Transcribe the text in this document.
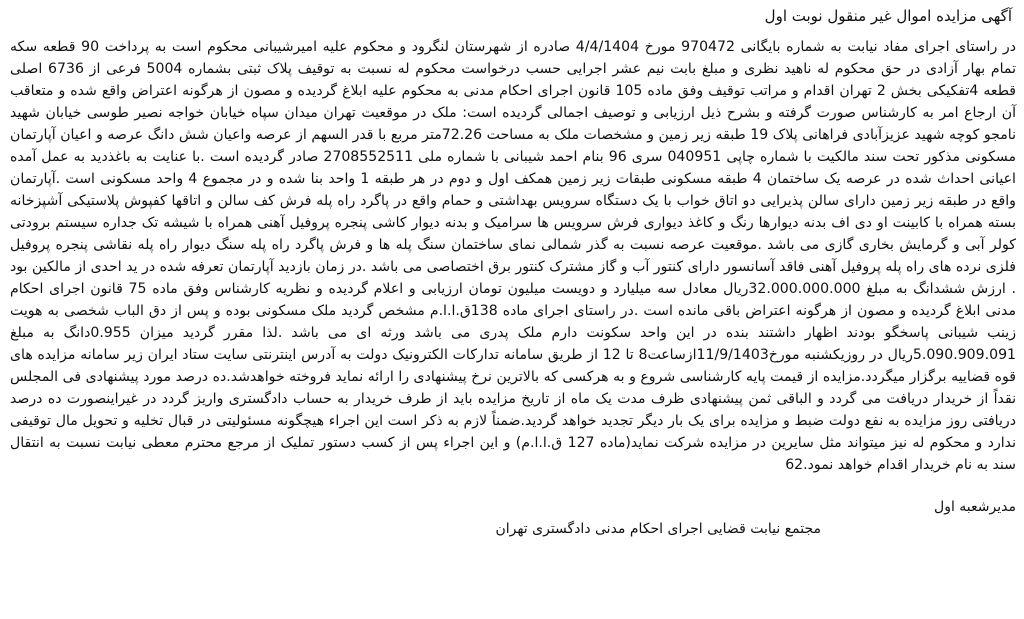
آگهی مزایده اموال غیر منقول نوبت اول

در راستای اجرای مفاد نیابت به شماره بایگانی 970472 مورخ 4/4/1404 صادره از شهرستان لنگرود و محکوم علیه امیرشیبانی محکوم است به پرداخت 90 قطعه سکه تمام بهار آزادی در حق محکوم له ناهید نظری و مبلغ بابت نیم عشر اجرایی حسب درخواست محکوم له نسبت به توقیف پلاک ثبتی بشماره 5004 فرعی از 6736 اصلی قطعه 4تفکیکی بخش 2 تهران اقدام و مراتب توقیف وفق ماده 105 قانون اجرای احکام مدنی به محکوم علیه ابلاغ گردیده و مصون از هرگونه اعتراض واقع شده و متعاقب آن ارجاع امر به کارشناس صورت گرفته و بشرح ذیل ارزیابی و توصیف اجمالی گردیده است: ملک در موقعیت تهران میدان سپاه خیابان خواجه نصیر طوسی خیابان شهید نامجو کوچه شهید عزیزآبادی فراهانی پلاک 19 طبقه زیر زمین و مشخصات ملک به مساحت 72.26متر مربع با قدر السهم از عرصه واعیان شش دانگ عرصه و اعیان آپارتمان مسکونی مذکور تحت سند مالکیت با شماره چاپی 040951 سری 96 بنام احمد شیبانی با شماره ملی 2708552511 صادر گردیده است .با عنایت به باغذدید به عمل آمده اعیانی احداث شده در عرصه یک ساختمان 4 طبقه مسکونی طبقات زیر زمین همکف اول و دوم در هر طبقه 1 واحد بنا شده و در مجموع 4 واحد مسکونی است .آپارتمان واقع در طبقه زیر زمین دارای سالن پذیرایی دو اتاق خواب با یک دستگاه سرویس بهداشتی و حمام واقع در پاگرد راه پله فرش کف سالن و اتاقها کفپوش پلاستیکی آشپزخانه بسته همراه با کابینت او دی اف بدنه دیوارها رنگ و کاغذ دیواری فرش سرویس ها سرامیک و بدنه دیوار کاشی پنجره پروفیل آهنی همراه با شیشه تک جداره سیستم برودتی کولر آبی و گرمایش بخاری گازی می باشد .موقعیت عرصه نسبت به گذر شمالی نمای ساختمان سنگ پله ها و فرش پاگرد راه پله سنگ دیوار راه پله نقاشی پنجره پروفیل فلزی نرده های راه پله پروفیل آهنی فاقد آسانسور دارای کنتور آب و گاز مشترک کنتور برق اختصاصی می باشد .در زمان بازدید آپارتمان تعرفه شده در ید احدی از مالکین بود . ارزش ششدانگ به مبلغ 32.000.000.000ریال معادل سه میلیارد و دویست میلیون تومان ارزیابی و اعلام گردیده و نظریه کارشناس وفق ماده 75 قانون اجرای احکام مدنی ابلاغ گردیده و مصون از هرگونه اعتراض باقی مانده است .در راستای اجرای ماده 138ق.ا.ا.م مشخص گردید ملک مسکونی بوده و پس از دق الباب شخصی به هویت زینب شیبانی پاسخگو بودند اظهار داشتند بنده در این واحد سکونت دارم ملک پدری می باشد ورثه ای می باشد .لذا مقرر گردید میزان 0.955دانگ به مبلغ 5.090.909.091ریال در روزیکشنبه مورخ11/9/1403ازساعت8 تا 12 از طریق سامانه تدارکات الکترونیک دولت به آدرس اینترنتی سایت ستاد ایران زیر سامانه مزایده های قوه قضاییه برگزار میگردد.مزایده از قیمت پایه کارشناسی شروع و به هرکسی که بالاترین نرخ پیشنهادی را ارائه نماید فروخته خواهدشد.ده درصد مورد پیشنهادی فی المجلس نقداً از خریدار دریافت می گردد و الباقی ثمن پیشنهادی ظرف مدت یک ماه از تاریخ مزایده باید از طرف خریدار به حساب دادگستری واریز گردد در غیراینصورت ده درصد دریافتی روز مزایده به نفع دولت ضبط و مزایده برای یک بار دیگر تجدید خواهد گردید.ضمناً لازم به ذکر است این اجراء هیچگونه مسئولیتی در قبال تخلیه و تحویل مال توقیفی ندارد و محکوم له نیز میتواند مثل سایرین در مزایده شرکت نماید(ماده 127 ق.ا.ا.م) و این اجراء پس از کسب دستور تملیک از مرجع محترم معطی نیابت نسبت به انتقال سند به نام خریدار اقدام خواهد نمود.62

مدیرشعبه اول
مجتمع نیابت قضایی اجرای احکام مدنی دادگستری تهران
